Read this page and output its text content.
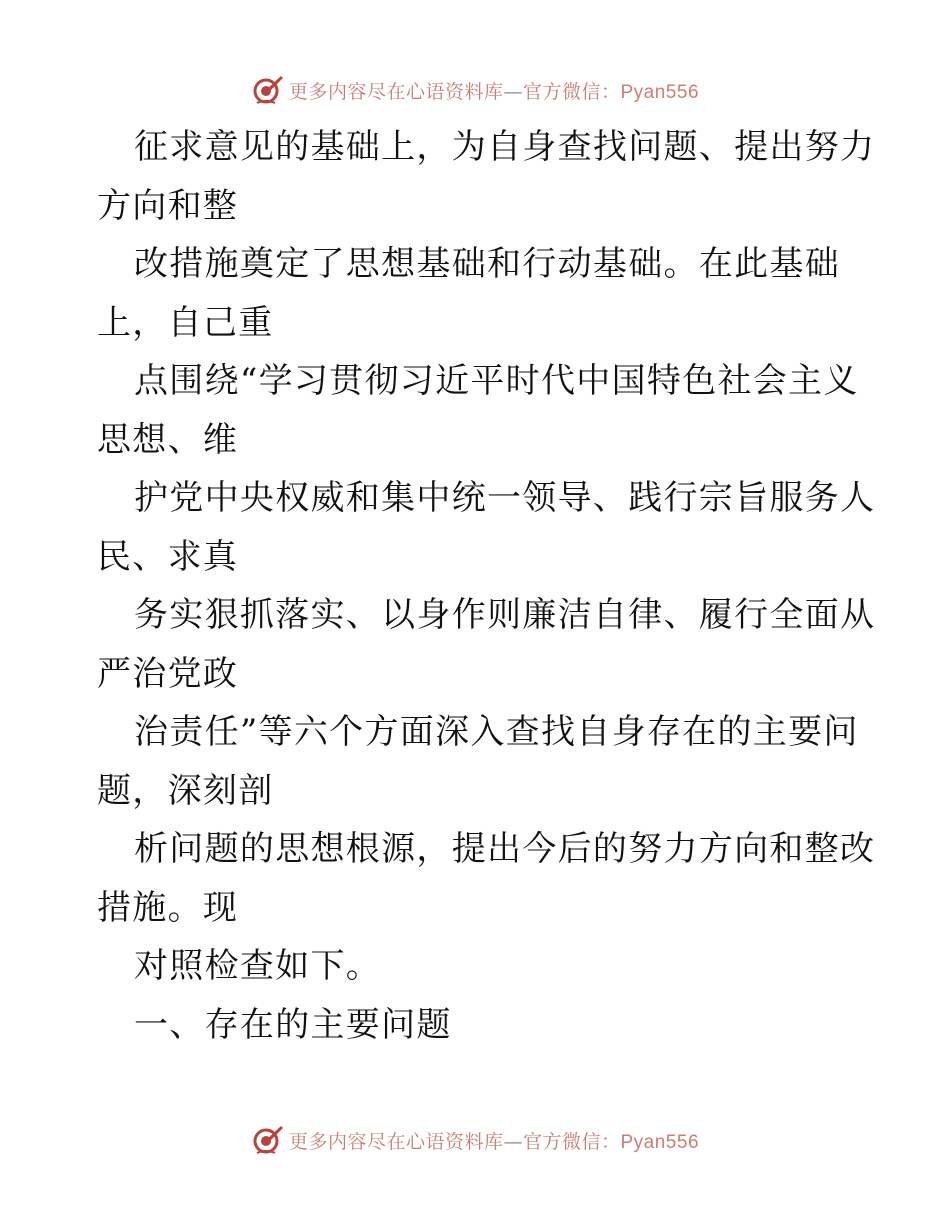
更多内容尽在心语资料库—官方微信：Pyan556
征求意见的基础上，为自身查找问题、提出努力
方向和整
改措施奠定了思想基础和行动基础。在此基础
上，自己重
点围绕“学习贯彻习近平时代中国特色社会主义
思想、维
护党中央权威和集中统一领导、践行宗旨服务人
民、求真
务实狠抓落实、以身作则廉洁自律、履行全面从
严治党政
治责任”等六个方面深入查找自身存在的主要问
题，深刻剖
析问题的思想根源，提出今后的努力方向和整改
措施。现
对照检查如下。
一、存在的主要问题
更多内容尽在心语资料库—官方微信：Pyan556
